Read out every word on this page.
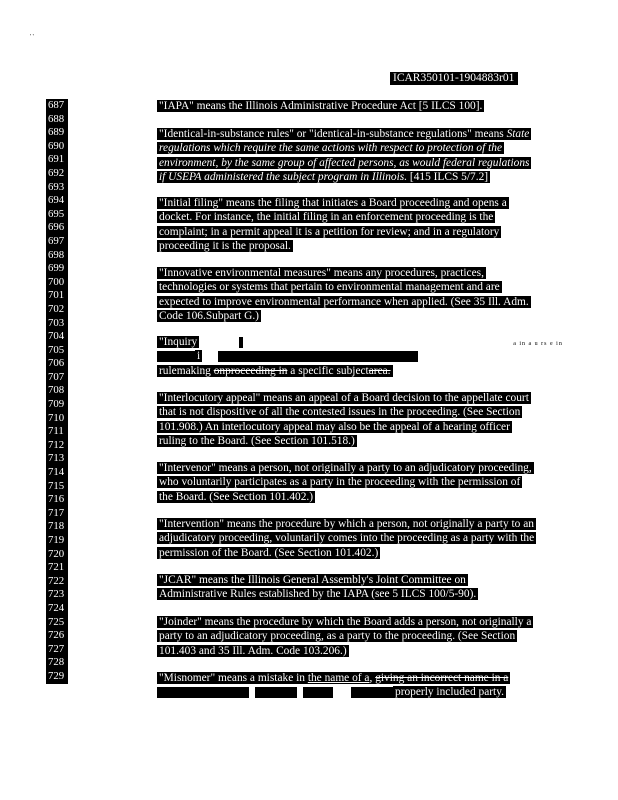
' '
ICAR350101-1904883r01
687
688
689
690
691
692
693
694
695
696
697
698
699
700
701
702
703
704
705
706
707
708
709
710
711
712
713
714
715
716
717
718
719
720
721
722
723
724
725
726
727
728
729
"IAPA" means the Illinois Administrative Procedure Act [5 ILCS 100].
"Identical-in-substance rules" or "identical-in-substance regulations" means State
regulations which require the same actions with respect to protection of the
environment, by the same group of affected persons, as would federal regulations
if USEPA administered the subject program in Illinois. [415 ILCS 5/7.2]
"Initial filing" means the filing that initiates a Board proceeding and opens a
docket. For instance, the initial filing in an enforcement proceeding is the
complaint; in a permit appeal it is a petition for review; and in a regulatory
proceeding it is the proposal.
"Innovative environmental measures" means any procedures, practices,
technologies or systems that pertain to environmental management and are
expected to improve environmental performance when applied. (See 35 Ill. Adm.
Code 106.Subpart G.)
"Inquiry	a in a u rs e in
i
rulemaking onproceeding in a specific subjectarea.
"Interlocutory appeal" means an appeal of a Board decision to the appellate court
that is not dispositive of all the contested issues in the proceeding. (See Section
101.908.) An interlocutory appeal may also be the appeal of a hearing officer
ruling to the Board. (See Section 101.518.)
"Intervenor" means a person, not originally a party to an adjudicatory proceeding,
who voluntarily participates as a party in the proceeding with the permission of
the Board. (See Section 101.402.)
"Intervention" means the procedure by which a person, not originally a party to an
adjudicatory proceeding, voluntarily comes into the proceeding as a party with the
permission of the Board. (See Section 101.402.)
"JCAR" means the Illinois General Assembly's Joint Committee on
Administrative Rules established by the IAPA (see 5 ILCS 100/5-90).
"Joinder" means the procedure by which the Board adds a person, not originally a
party to an adjudicatory proceeding, as a party to the proceeding. (See Section
101.403 and 35 Ill. Adm. Code 103.206.)
"Misnomer" means a mistake in the name of a, giving an incorrect name in a
properly included party.
